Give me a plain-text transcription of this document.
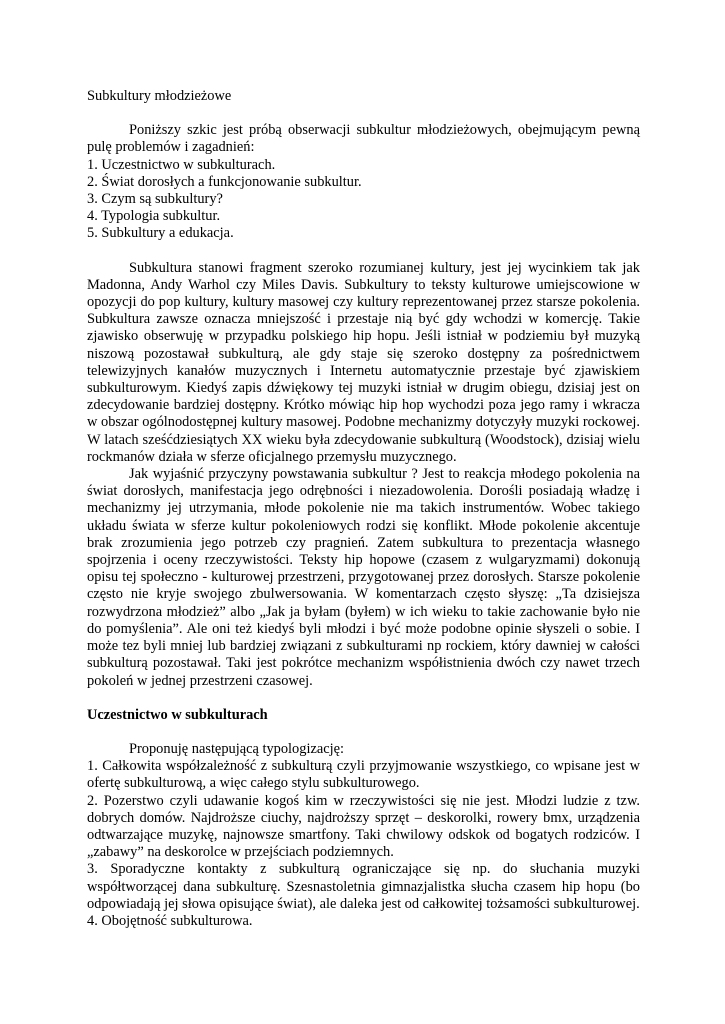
Subkultury młodzieżowe

Poniższy szkic jest próbą obserwacji subkultur młodzieżowych, obejmującym pewną pulę problemów i zagadnień:

1. Uczestnictwo w subkulturach.

2. Świat dorosłych a funkcjonowanie subkultur.

3. Czym są subkultury?

4. Typologia subkultur.

5. Subkultury a edukacja.

Subkultura stanowi fragment szeroko rozumianej kultury, jest jej wycinkiem tak jak Madonna, Andy Warhol czy Miles Davis. Subkultury to teksty kulturowe umiejscowione w opozycji do pop kultury, kultury masowej czy kultury reprezentowanej przez starsze pokolenia. Subkultura zawsze oznacza mniejszość i przestaje nią być gdy wchodzi w komercję. Takie zjawisko obserwuję w przypadku polskiego hip hopu. Jeśli istniał w podziemiu był muzyką niszową pozostawał subkulturą, ale gdy staje się szeroko dostępny za pośrednictwem telewizyjnych kanałów muzycznych i Internetu automatycznie przestaje być zjawiskiem subkulturowym. Kiedyś zapis dźwiękowy tej muzyki istniał w drugim obiegu, dzisiaj jest on zdecydowanie bardziej dostępny. Krótko mówiąc hip hop wychodzi poza jego ramy i wkracza w obszar ogólnodostępnej kultury masowej. Podobne mechanizmy dotyczyły muzyki rockowej. W latach sześćdziesiątych XX wieku była zdecydowanie subkulturą (Woodstock), dzisiaj wielu rockmanów działa w sferze oficjalnego przemysłu muzycznego.

Jak wyjaśnić przyczyny powstawania subkultur ? Jest to reakcja młodego pokolenia na świat dorosłych, manifestacja jego odrębności i niezadowolenia. Dorośli posiadają władzę i mechanizmy jej utrzymania, młode pokolenie nie ma takich instrumentów. Wobec takiego układu świata w sferze kultur pokoleniowych rodzi się konflikt. Młode pokolenie akcentuje brak zrozumienia jego potrzeb czy pragnień. Zatem subkultura to prezentacja własnego spojrzenia i oceny rzeczywistości. Teksty hip hopowe (czasem z wulgaryzmami) dokonują opisu tej społeczno - kulturowej przestrzeni, przygotowanej przez dorosłych. Starsze pokolenie często nie kryje swojego zbulwersowania. W komentarzach często słyszę: „Ta dzisiejsza rozwydrzona młodzież” albo „Jak ja byłam (byłem) w ich wieku to takie zachowanie było nie do pomyślenia”. Ale oni też kiedyś byli młodzi i być może podobne opinie słyszeli o sobie. I może tez byli mniej lub bardziej związani z subkulturami np rockiem, który dawniej w całości subkulturą pozostawał. Taki jest pokrótce mechanizm współistnienia dwóch czy nawet trzech pokoleń w jednej przestrzeni czasowej.

Uczestnictwo w subkulturach

Proponuję następującą typologizację:

1. Całkowita współzależność z subkulturą czyli przyjmowanie wszystkiego, co wpisane jest w ofertę subkulturową, a więc całego stylu subkulturowego.

2. Pozerstwo czyli udawanie kogoś kim w rzeczywistości się nie jest. Młodzi ludzie z tzw. dobrych domów. Najdroższe ciuchy, najdroższy sprzęt – deskorolki, rowery bmx, urządzenia odtwarzające muzykę, najnowsze smartfony. Taki chwilowy odskok od bogatych rodziców. I „zabawy” na deskorolce w przejściach podziemnych.

3. Sporadyczne kontakty z subkulturą ograniczające się np. do słuchania muzyki współtworzącej dana subkulturę. Szesnastoletnia gimnazjalistka słucha czasem hip hopu (bo odpowiadają jej słowa opisujące świat), ale daleka jest od całkowitej tożsamości subkulturowej.

4. Obojętność subkulturowa.
